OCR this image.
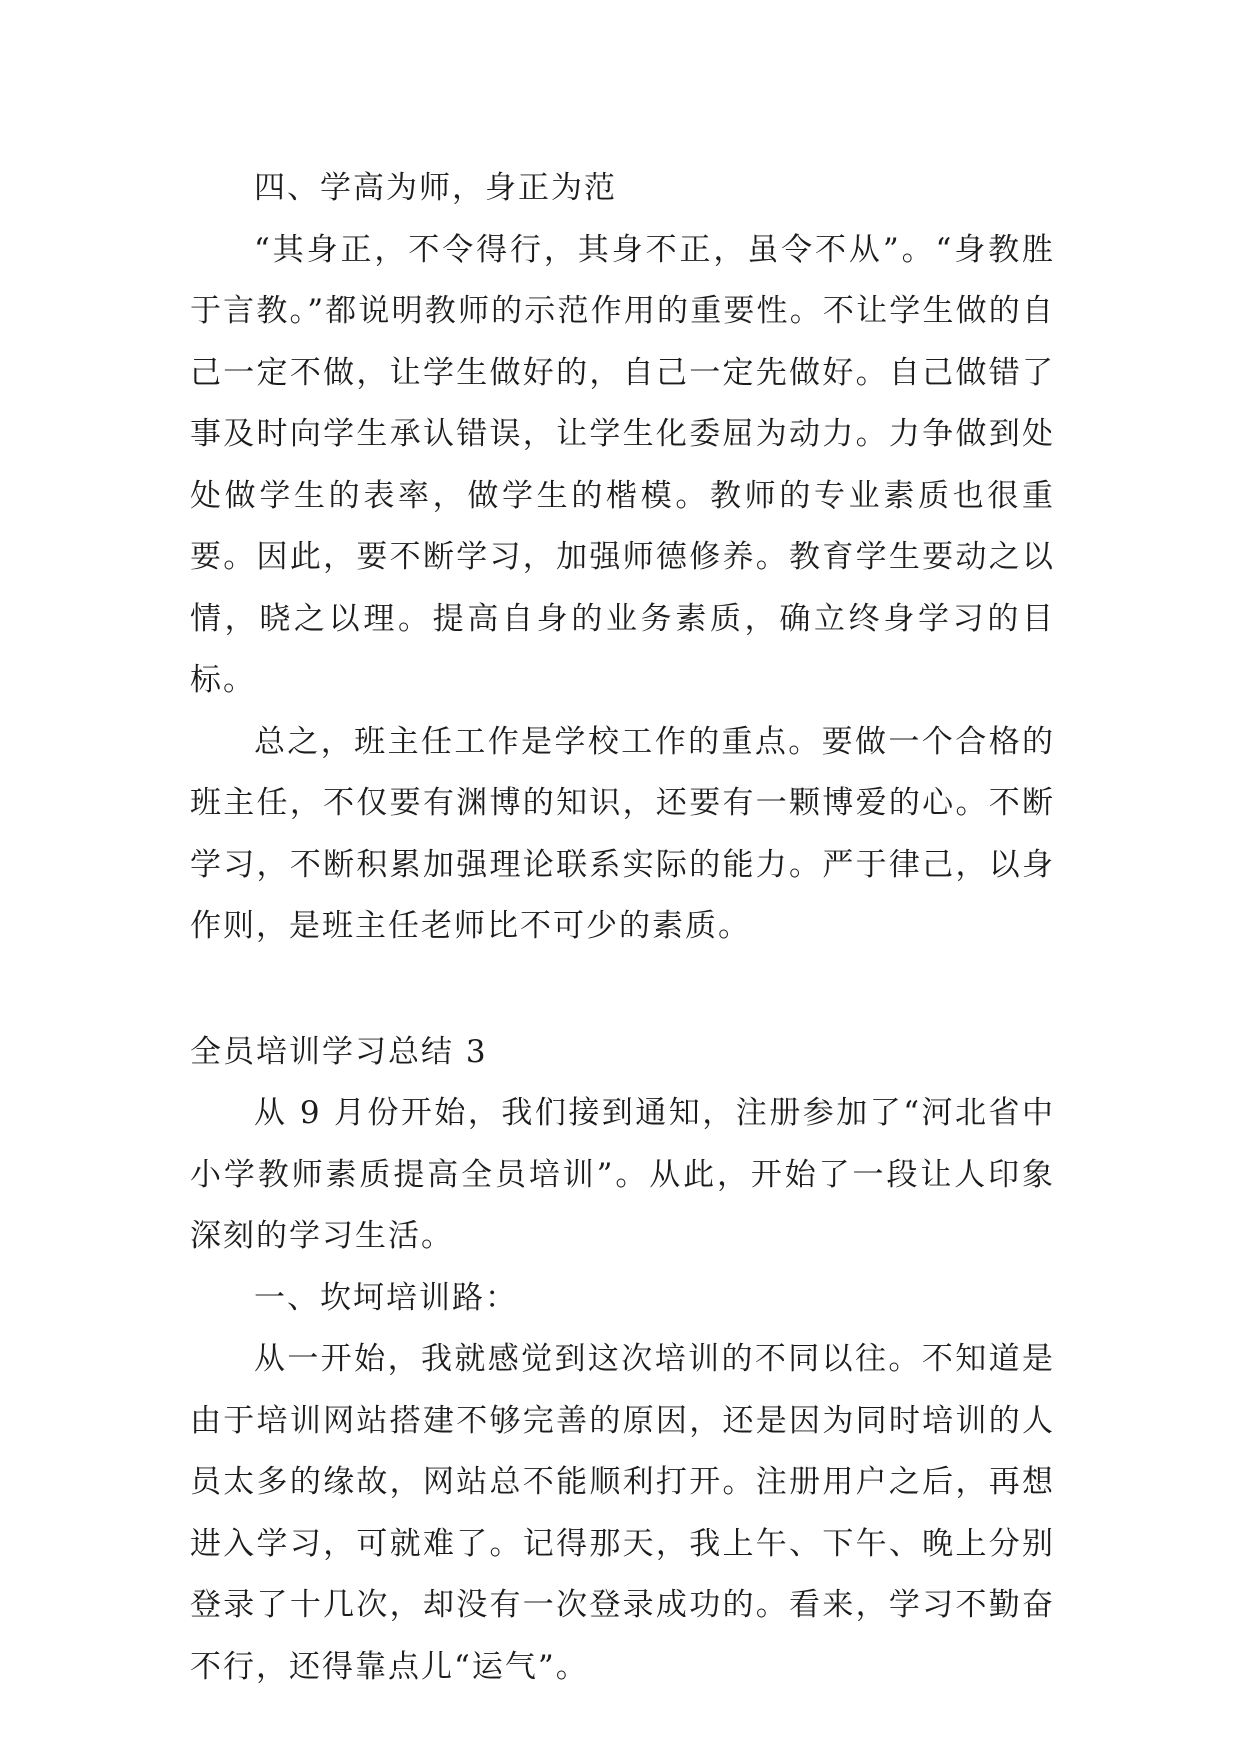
四、学高为师，身正为范

“其身正，不令得行，其身不正，虽令不从”。“身教胜于言教。”都说明教师的示范作用的重要性。不让学生做的自己一定不做，让学生做好的，自己一定先做好。自己做错了事及时向学生承认错误，让学生化委屈为动力。力争做到处处做学生的表率，做学生的楷模。教师的专业素质也很重要。因此，要不断学习，加强师德修养。教育学生要动之以情，晓之以理。提高自身的业务素质，确立终身学习的目标。

总之，班主任工作是学校工作的重点。要做一个合格的班主任，不仅要有渊博的知识，还要有一颗博爱的心。不断学习，不断积累加强理论联系实际的能力。严于律己，以身作则，是班主任老师比不可少的素质。

全员培训学习总结 3

从 9 月份开始，我们接到通知，注册参加了“河北省中小学教师素质提高全员培训”。从此，开始了一段让人印象深刻的学习生活。

一、坎坷培训路：

从一开始，我就感觉到这次培训的不同以往。不知道是由于培训网站搭建不够完善的原因，还是因为同时培训的人员太多的缘故，网站总不能顺利打开。注册用户之后，再想进入学习，可就难了。记得那天，我上午、下午、晚上分别登录了十几次，却没有一次登录成功的。看来，学习不勤奋不行，还得靠点儿“运气”。
